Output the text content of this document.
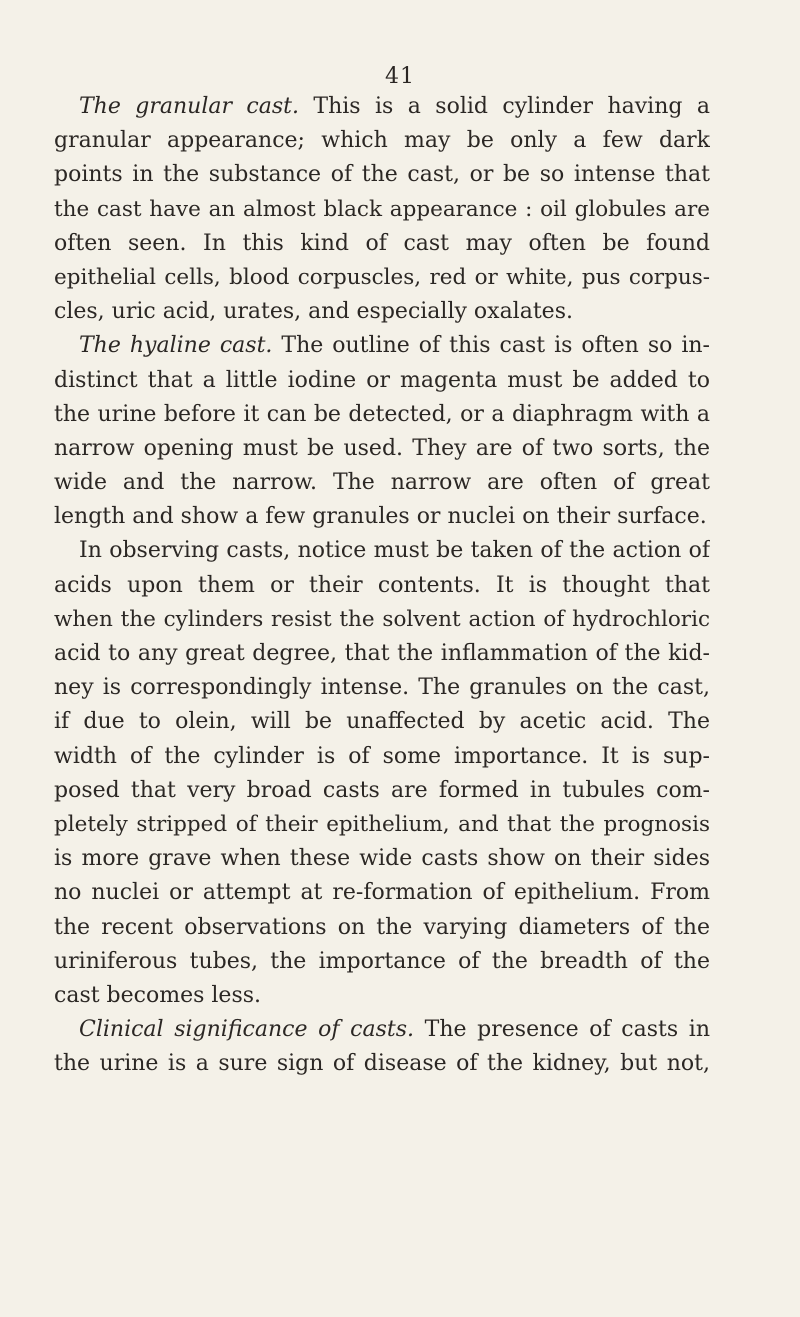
41
The granular cast. This is a solid cylinder having a
granular appearance; which may be only a few dark
points in the substance of the cast, or be so intense that
the cast have an almost black appearance : oil globules are
often seen. In this kind of cast may often be found
epithelial cells, blood corpuscles, red or white, pus corpus-
cles, uric acid, urates, and especially oxalates.
The hyaline cast. The outline of this cast is often so in-
distinct that a little iodine or magenta must be added to
the urine before it can be detected, or a diaphragm with a
narrow opening must be used. They are of two sorts, the
wide and the narrow. The narrow are often of great
length and show a few granules or nuclei on their surface.
In observing casts, notice must be taken of the action of
acids upon them or their contents. It is thought that
when the cylinders resist the solvent action of hydrochloric
acid to any great degree, that the inflammation of the kid-
ney is correspondingly intense. The granules on the cast,
if due to olein, will be unaffected by acetic acid. The
width of the cylinder is of some importance. It is sup-
posed that very broad casts are formed in tubules com-
pletely stripped of their epithelium, and that the prognosis
is more grave when these wide casts show on their sides
no nuclei or attempt at re-formation of epithelium. From
the recent observations on the varying diameters of the
uriniferous tubes, the importance of the breadth of the
cast becomes less.
Clinical significance of casts. The presence of casts in
the urine is a sure sign of disease of the kidney, but not,
